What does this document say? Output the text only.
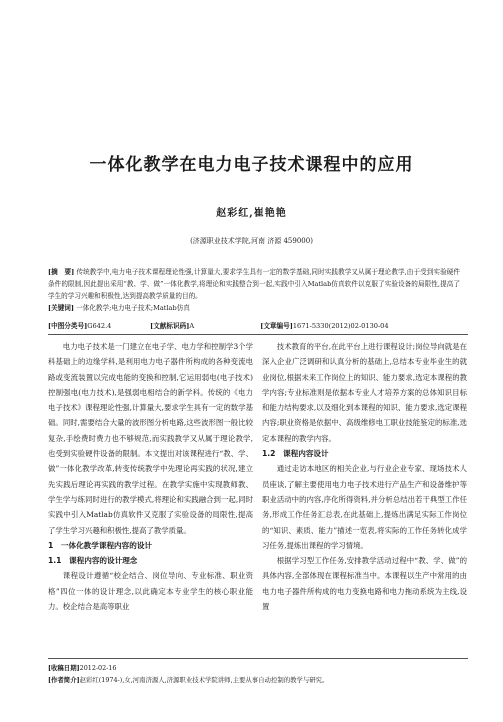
一体化教学在电力电子技术课程中的应用
赵彩红,崔艳艳
(济源职业技术学院,河南 济源 459000)
[摘　要] 传统教学中,电力电子技术课程理论性强,计算量大,要求学生具有一定的数学基础,同时实践教学又从属于理论教学,由于受到实验硬件条件的限制,因此提出采用“教、学、做”一体化教学,将理论和实践整合到一起,实践中引入Matlab仿真软件以克服了实验设备的局限性,提高了学生的学习兴趣和积极性,达到提高教学质量的目的。
[关键词] 一体化教学;电力电子技术;Matlab仿真
[中图分类号]G642.4	[文献标识码]A	[文章编号]1671-5330(2012)02-0130-04

电力电子技术是一门建立在电子学、电力学和控制学3个学科基础上的边缘学科,是利用电力电子器件所构成的各种变流电路或变流装置以完成电能的变换和控制,它运用弱电(电子技术)控制强电(电力技术),是强弱电相结合的新学科。传统的《电力电子技术》课程理论性强,计算量大,要求学生具有一定的数学基础。同时,需要结合大量的波形图分析电路,这些波形图一般比较复杂,手绘费时费力也不够规范,而实践教学又从属于理论教学,也受到实验硬件设备的限制。本文提出对该课程进行“教、学、做”一体化教学改革,转变传统教学中先理论再实践的状况,建立先实践后理论再实践的教学过程。在教学实施中实现教师教、学生学与练同时进行的教学模式,将理论和实践融合到一起,同时实践中引入Matlab仿真软件又克服了实验设备的局限性,提高了学生学习兴趣和积极性,提高了教学质量。

1　一体化教学课程内容的设计
1.1　课程内容的设计理念

课程设计遵循“校企结合、岗位导向、专业标准、职业资格”四位一体的设计理念,以此确定本专业学生的核心职业能力。校企结合是高等职业

技术教育的平台,在此平台上进行课程设计;岗位导向就是在深入企业广泛调研和认真分析的基础上,总结本专业毕业生的就业岗位,根据未来工作岗位上的知识、能力要求,选定本课程的教学内容;专业标准则是依据本专业人才培养方案的总体知识目标和能力结构要求,以及细化到本课程的知识、能力要求,选定课程内容;职业资格是依据中、高级维修电工职业技能鉴定的标准,选定本课程的教学内容。

1.2　课程内容设计

通过走访本地区的相关企业,与行业企业专家、现场技术人员座谈,了解主要使用电力电子技术进行产品生产和设备维护等职业活动中的内容,序化所得资料,并分析总结出若干典型工作任务,形成工作任务汇总表,在此基础上,提炼出满足实际工作岗位的“知识、素质、能力”描述一览表,将实际的工作任务转化成学习任务,提炼出课程的学习情境。

根据学习型工作任务,安排教学活动过程中“教、学、做”的具体内容,全部体现在课程标准当中。本课程以生产中常用的由电力电子器件所构成的电力变换电路和电力拖动系统为主线,设置

[收稿日期]2012-02-16
[作者简介]赵彩红(1974-),女,河南济源人,济源职业技术学院讲师,主要从事自动控制的教学与研究。
